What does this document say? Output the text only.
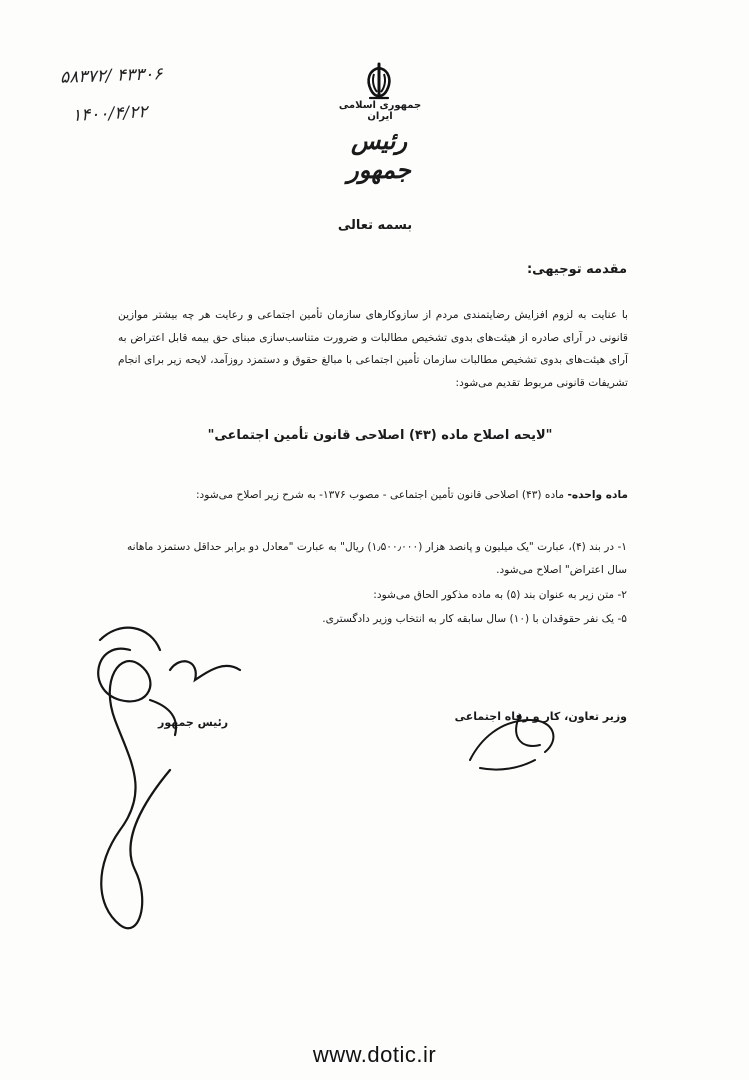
۵۸۳۷۲/ ۴۳۳۰۶
۱۴۰۰/۴/۲۲	جمهوری اسلامی ایران
رئیس جمهور
بسمه تعالی
مقدمه توجیهی:
با عنایت به لزوم افزایش رضایتمندی مردم از سازوکارهای سازمان تأمین اجتماعی و رعایت هر چه بیشتر موازین قانونی در آرای صادره از هیئت‌های بدوی تشخیص مطالبات و ضرورت متناسب‌سازی مبنای حق بیمه قابل اعتراض به آرای هیئت‌های بدوی تشخیص مطالبات سازمان تأمین اجتماعی با مبالغ حقوق و دستمزد روزآمد، لایحه زیر برای انجام تشریفات قانونی مربوط تقدیم می‌شود:
"لایحه اصلاح ماده (۴۳) اصلاحی قانون تأمین اجتماعی"
ماده واحده- ماده (۴۳) اصلاحی قانون تأمین اجتماعی - مصوب ۱۳۷۶- به شرح زیر اصلاح می‌شود:
۱- در بند (۴)، عبارت "یک میلیون و پانصد هزار (۱٫۵۰۰٫۰۰۰) ریال" به عبارت "معادل دو برابر حداقل دستمزد ماهانه سال اعتراض" اصلاح می‌شود.
۲- متن زیر به عنوان بند (۵) به ماده مذکور الحاق می‌شود:
۵- یک نفر حقوقدان با (۱۰) سال سابقه کار به انتخاب وزیر دادگستری.
وزیر تعاون، کار و رفاه اجتماعی
رئیس جمهور
www.dotic.ir
